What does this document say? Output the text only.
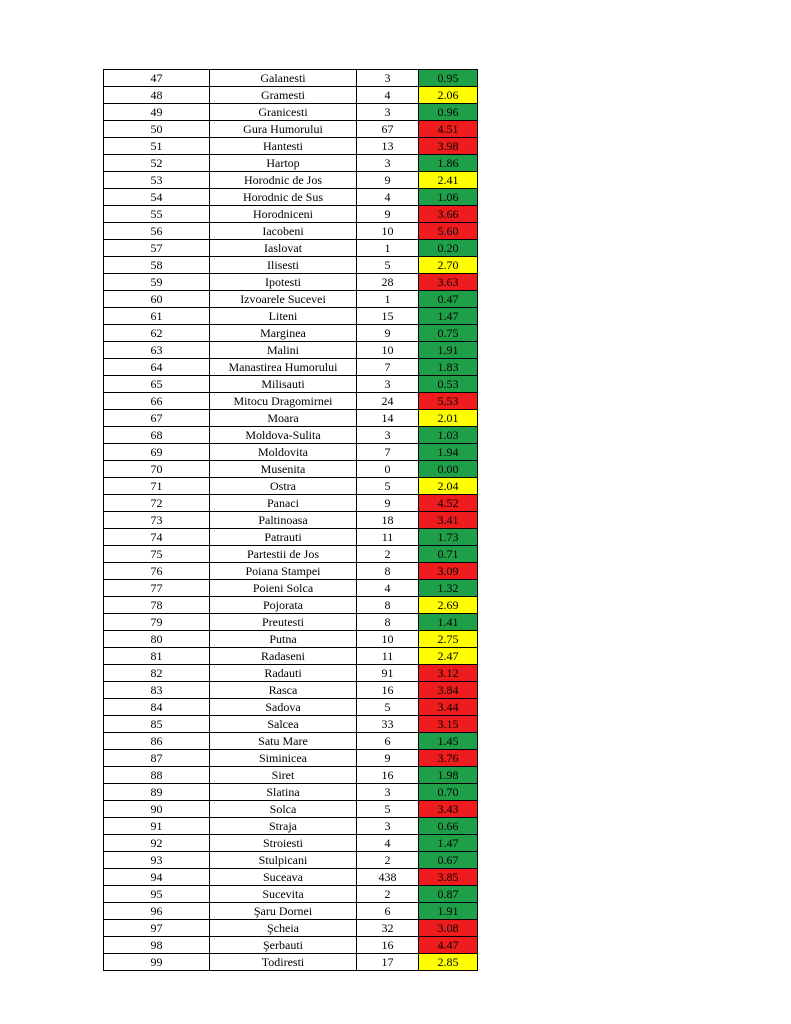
47	Galanesti	3	0.95
48	Gramesti	4	2.06
49	Granicesti	3	0.96
50	Gura Humorului	67	4.51
51	Hantesti	13	3.98
52	Hartop	3	1.86
53	Horodnic de Jos	9	2.41
54	Horodnic de Sus	4	1.06
55	Horodniceni	9	3.66
56	Iacobeni	10	5.60
57	Iaslovat	1	0.20
58	Ilisesti	5	2.70
59	Ipotesti	28	3.63
60	Izvoarele Sucevei	1	0.47
61	Liteni	15	1.47
62	Marginea	9	0.75
63	Malini	10	1.91
64	Manastirea Humorului	7	1.83
65	Milisauti	3	0.53
66	Mitocu Dragomirnei	24	5.53
67	Moara	14	2.01
68	Moldova-Sulita	3	1.03
69	Moldovita	7	1.94
70	Musenita	0	0.00
71	Ostra	5	2.04
72	Panaci	9	4.52
73	Paltinoasa	18	3.41
74	Patrauti	11	1.73
75	Partestii de Jos	2	0.71
76	Poiana Stampei	8	3.09
77	Poieni Solca	4	1.32
78	Pojorata	8	2.69
79	Preutesti	8	1.41
80	Putna	10	2.75
81	Radaseni	11	2.47
82	Radauti	91	3.12
83	Rasca	16	3.84
84	Sadova	5	3.44
85	Salcea	33	3.15
86	Satu Mare	6	1.45
87	Siminicea	9	3.76
88	Siret	16	1.98
89	Slatina	3	0.70
90	Solca	5	3.43
91	Straja	3	0.66
92	Stroiesti	4	1.47
93	Stulpicani	2	0.67
94	Suceava	438	3.85
95	Sucevita	2	0.87
96	Şaru Dornei	6	1.91
97	Şcheia	32	3.08
98	Şerbauti	16	4.47
99	Todiresti	17	2.85
